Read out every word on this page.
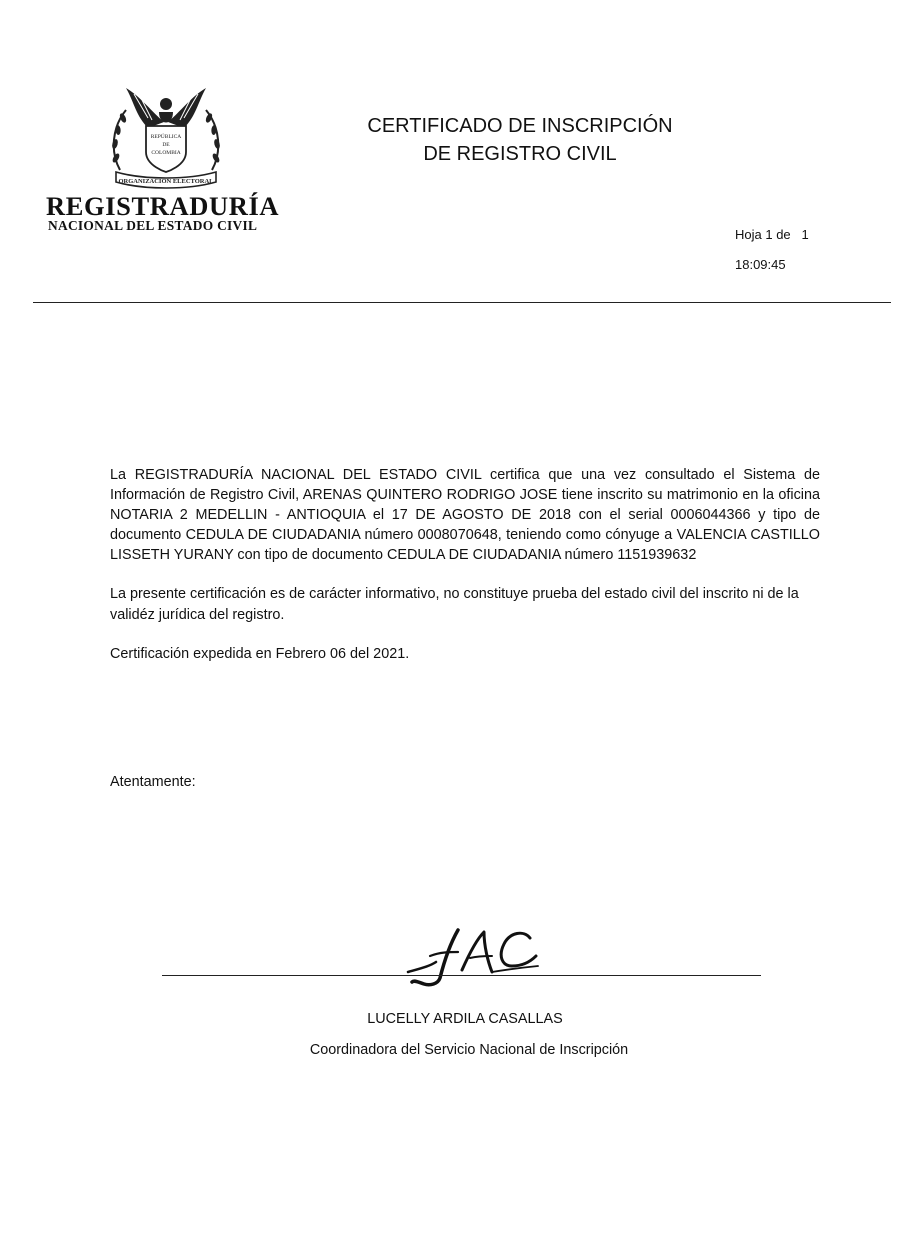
REPÚBLICA
DE
COLOMBIA
ORGANIZACIÓN ELECTORAL
REGISTRADURÍA
NACIONAL DEL ESTADO CIVIL
CERTIFICADO DE INSCRIPCIÓN
DE REGISTRO CIVIL
Hoja 1 de   1
18:09:45

La REGISTRADURÍA NACIONAL DEL ESTADO CIVIL certifica que una vez consultado el Sistema de Información de Registro Civil, ARENAS QUINTERO RODRIGO JOSE tiene inscrito su matrimonio en la oficina NOTARIA 2 MEDELLIN - ANTIOQUIA el 17 DE AGOSTO DE 2018 con el serial 0006044366 y tipo de documento CEDULA DE CIUDADANIA número 0008070648, teniendo como cónyuge a VALENCIA CASTILLO LISSETH YURANY con tipo de documento CEDULA DE CIUDADANIA número 1151939632

La presente certificación es de carácter informativo, no constituye prueba del estado civil del inscrito ni de la validéz jurídica del registro.

Certificación expedida en Febrero 06 del 2021.

Atentamente:
LUCELLY ARDILA CASALLAS
Coordinadora del Servicio Nacional de Inscripción
